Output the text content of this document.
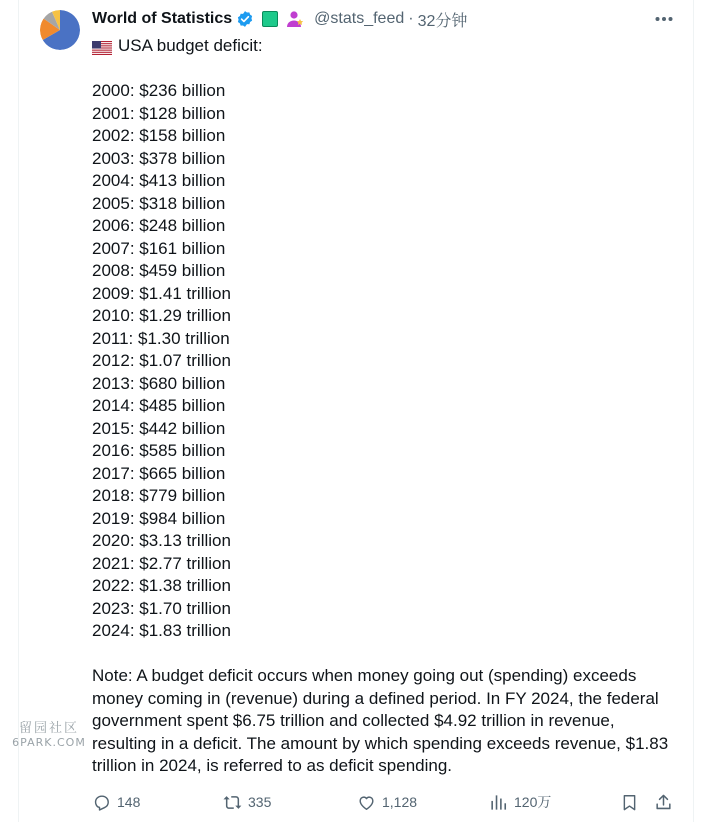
World of Statistics	@stats_feed · 32分钟
USA budget deficit:
2000: $236 billion
2001: $128 billion
2002: $158 billion
2003: $378 billion
2004: $413 billion
2005: $318 billion
2006: $248 billion
2007: $161 billion
2008: $459 billion
2009: $1.41 trillion
2010: $1.29 trillion
2011: $1.30 trillion
2012: $1.07 trillion
2013: $680 billion
2014: $485 billion
2015: $442 billion
2016: $585 billion
2017: $665 billion
2018: $779 billion
2019: $984 billion
2020: $3.13 trillion
2021: $2.77 trillion
2022: $1.38 trillion
2023: $1.70 trillion
2024: $1.83 trillion
Note: A budget deficit occurs when money going out (spending) exceeds money coming in (revenue) during a defined period. In FY 2024, the federal government spent $6.75 trillion and collected $4.92 trillion in revenue, resulting in a deficit. The amount by which spending exceeds revenue, $1.83 trillion in 2024, is referred to as deficit spending.
留园社区
6PARK.COM
148	335	1,128	120万
